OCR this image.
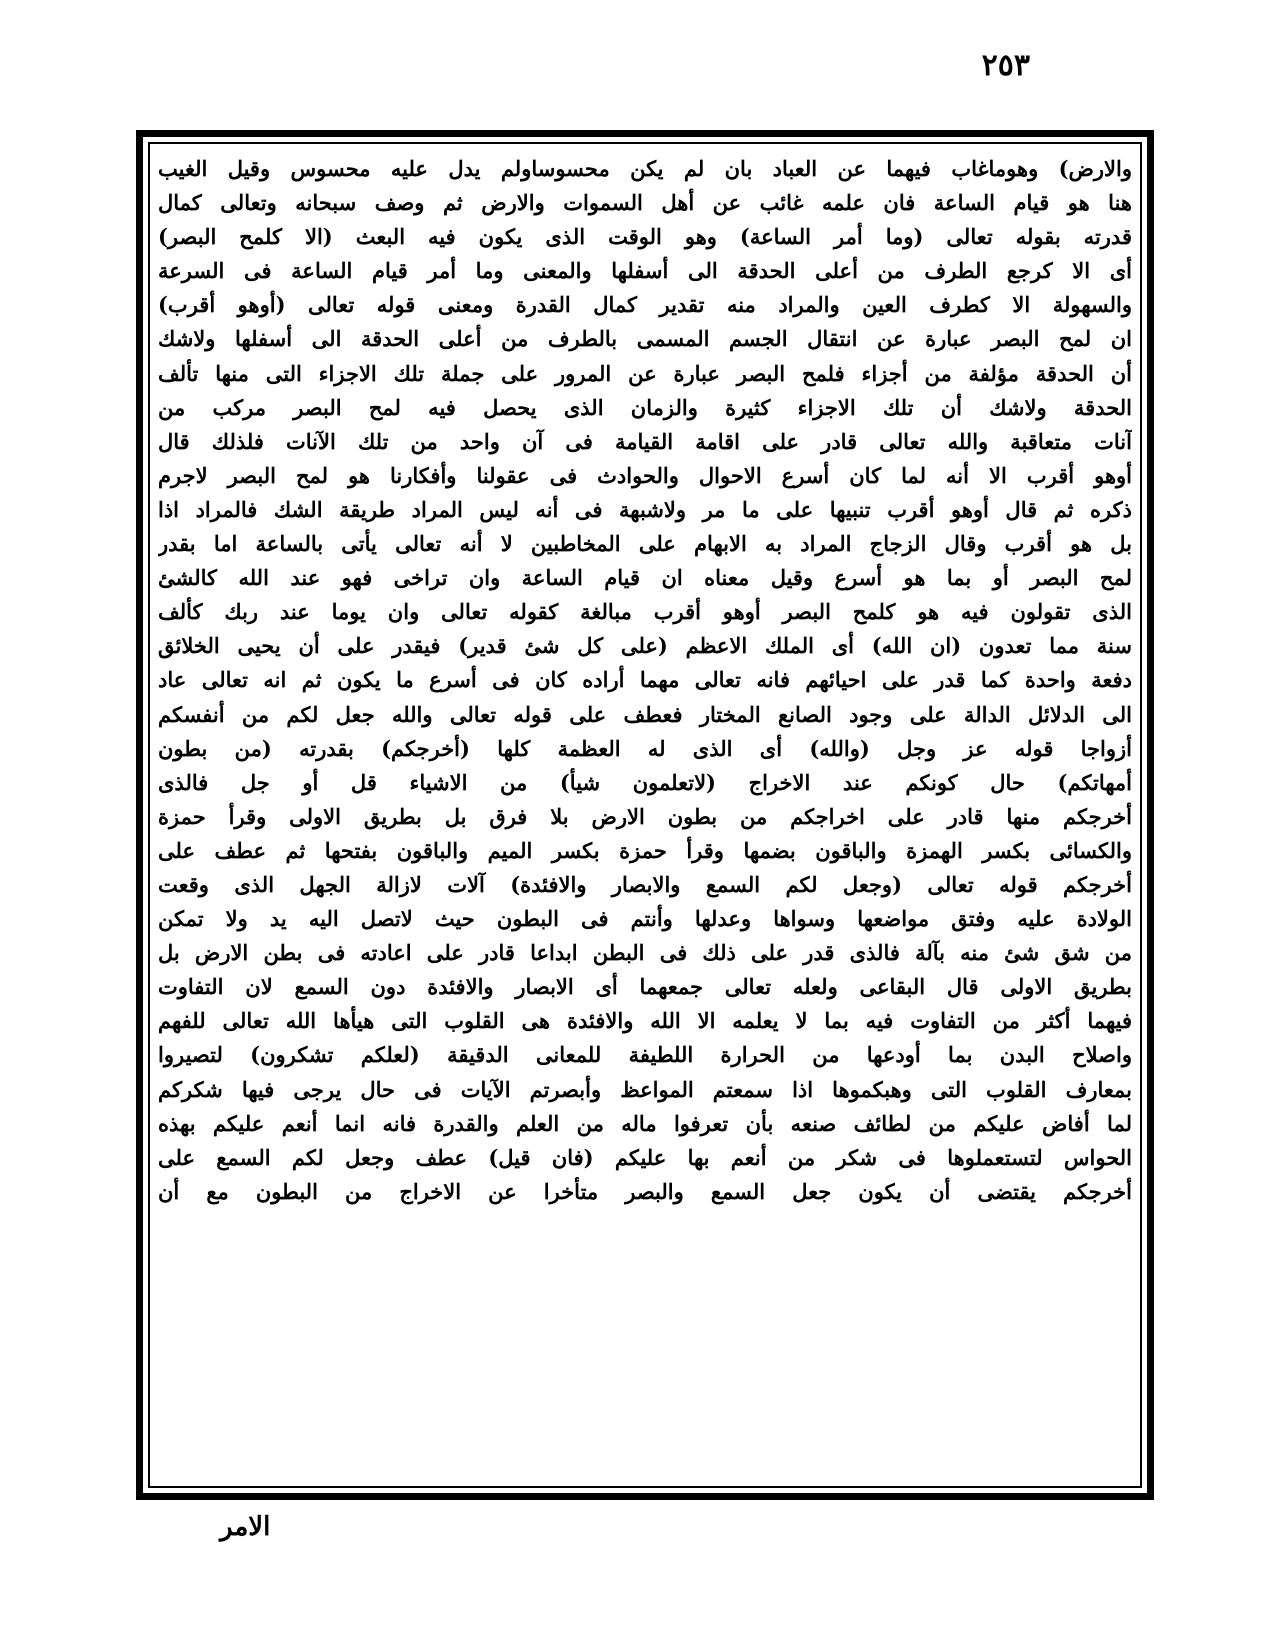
٢٥٣
والارض) وهوماغاب فيهما عن العباد بان لم يكن محسوساولم يدل عليه محسوس وقيل الغيب
هنا هو قيام الساعة فان علمه غائب عن أهل السموات والارض ثم وصف سبحانه وتعالى كمال
قدرته بقوله تعالى (وما أمر الساعة) وهو الوقت الذى يكون فيه البعث (الا كلمح البصر)
أى الا كرجع الطرف من أعلى الحدقة الى أسفلها والمعنى وما أمر قيام الساعة فى السرعة
والسهولة الا كطرف العين والمراد منه تقدير كمال القدرة ومعنى قوله تعالى (أوهو أقرب)
ان لمح البصر عبارة عن انتقال الجسم المسمى بالطرف من أعلى الحدقة الى أسفلها ولاشك
أن الحدقة مؤلفة من أجزاء فلمح البصر عبارة عن المرور على جملة تلك الاجزاء التى منها تألف
الحدقة ولاشك أن تلك الاجزاء كثيرة والزمان الذى يحصل فيه لمح البصر مركب من
آنات متعاقبة والله تعالى قادر على اقامة القيامة فى آن واحد من تلك الآنات فلذلك قال
أوهو أقرب الا أنه لما كان أسرع الاحوال والحوادث فى عقولنا وأفكارنا هو لمح البصر لاجرم
ذكره ثم قال أوهو أقرب تنبيها على ما مر ولاشبهة فى أنه ليس المراد طريقة الشك فالمراد اذا
بل هو أقرب وقال الزجاج المراد به الابهام على المخاطبين لا أنه تعالى يأتى بالساعة اما بقدر
لمح البصر أو بما هو أسرع وقيل معناه ان قيام الساعة وان تراخى فهو عند الله كالشئ
الذى تقولون فيه هو كلمح البصر أوهو أقرب مبالغة كقوله تعالى وان يوما عند ربك كألف
سنة مما تعدون (ان الله) أى الملك الاعظم (على كل شئ قدير) فيقدر على أن يحيى الخلائق
دفعة واحدة كما قدر على احيائهم فانه تعالى مهما أراده كان فى أسرع ما يكون ثم انه تعالى عاد
الى الدلائل الدالة على وجود الصانع المختار فعطف على قوله تعالى والله جعل لكم من أنفسكم
أزواجا قوله عز وجل (والله) أى الذى له العظمة كلها (أخرجكم) بقدرته (من بطون
أمهاتكم) حال كونكم عند الاخراج (لاتعلمون شيأ) من الاشياء قل أو جل فالذى
أخرجكم منها قادر على اخراجكم من بطون الارض بلا فرق بل بطريق الاولى وقرأ حمزة
والكسائى بكسر الهمزة والباقون بضمها وقرأ حمزة بكسر الميم والباقون بفتحها ثم عطف على
أخرجكم قوله تعالى (وجعل لكم السمع والابصار والافئدة) آلات لازالة الجهل الذى وقعت
الولادة عليه وفتق مواضعها وسواها وعدلها وأنتم فى البطون حيث لاتصل اليه يد ولا تمكن
من شق شئ منه بآلة فالذى قدر على ذلك فى البطن ابداعا قادر على اعادته فى بطن الارض بل
بطريق الاولى قال البقاعى ولعله تعالى جمعهما أى الابصار والافئدة دون السمع لان التفاوت
فيهما أكثر من التفاوت فيه بما لا يعلمه الا الله والافئدة هى القلوب التى هيأها الله تعالى للفهم
واصلاح البدن بما أودعها من الحرارة اللطيفة للمعانى الدقيقة (لعلكم تشكرون) لتصيروا
بمعارف القلوب التى وهبكموها اذا سمعتم المواعظ وأبصرتم الآيات فى حال يرجى فيها شكركم
لما أفاض عليكم من لطائف صنعه بأن تعرفوا ماله من العلم والقدرة فانه انما أنعم عليكم بهذه
الحواس لتستعملوها فى شكر من أنعم بها عليكم (فان قيل) عطف وجعل لكم السمع على
أخرجكم يقتضى أن يكون جعل السمع والبصر متأخرا عن الاخراج من البطون مع أن
الامر
